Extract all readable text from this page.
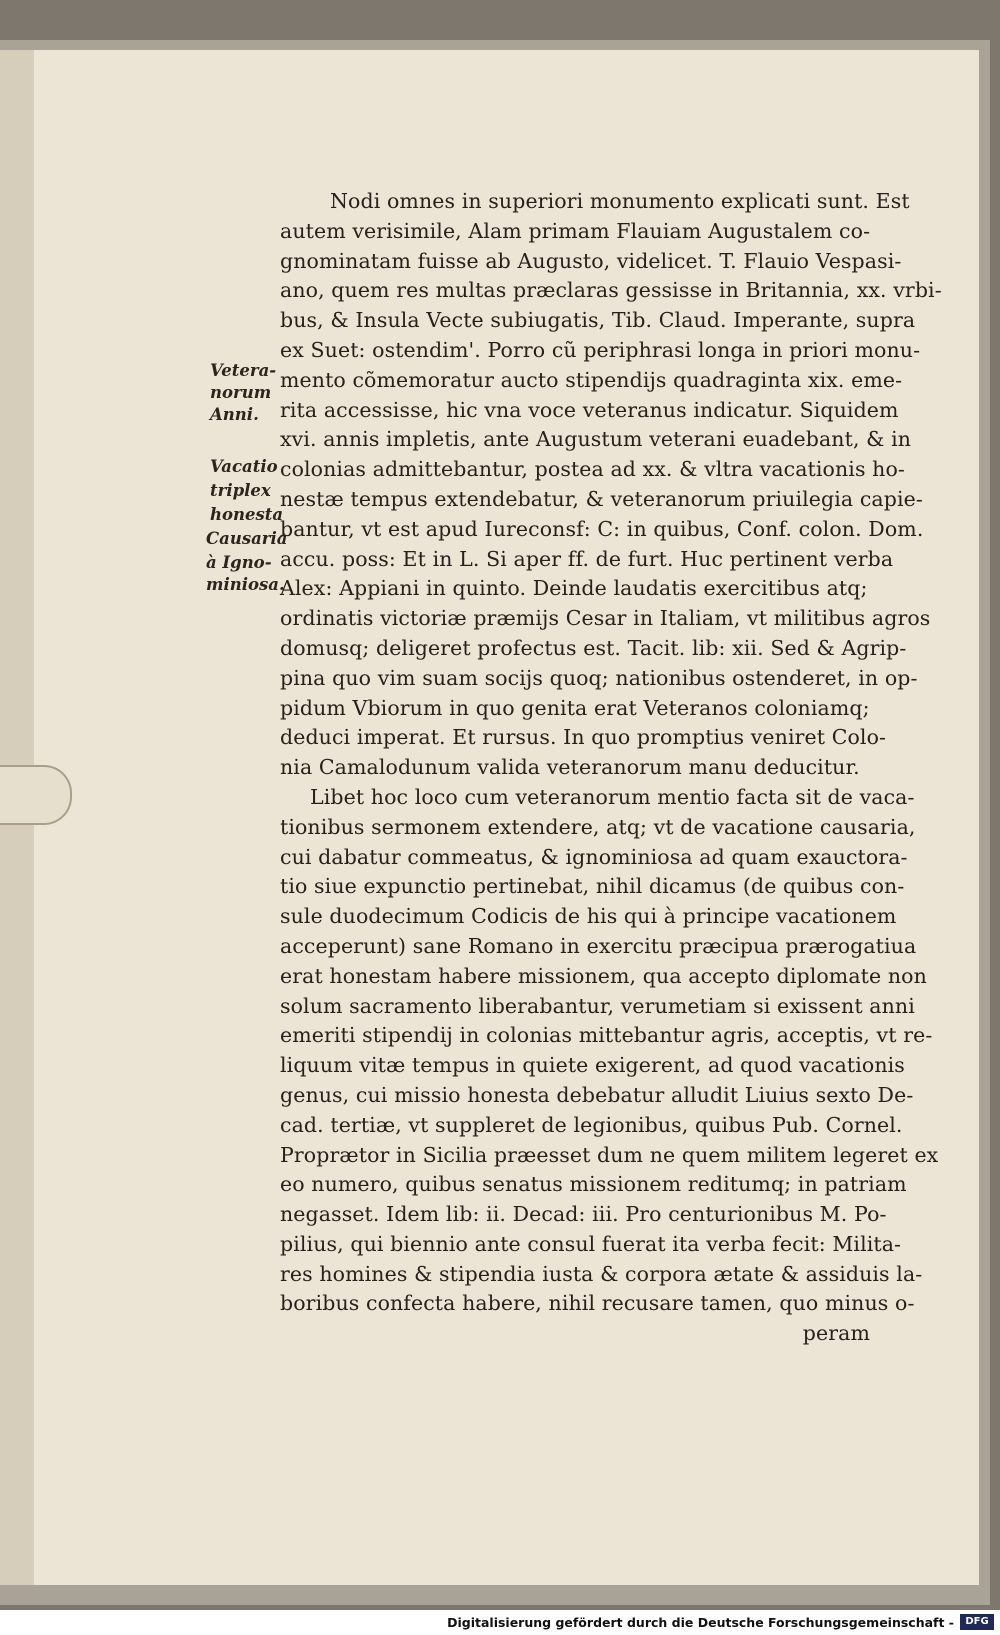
Nodi omnes in superiori monumento explicati sunt. Est
autem verisimile, Alam primam Flauiam Augustalem co-
gnominatam fuisse ab Augusto, videlicet. T. Flauio Vespasi-
ano, quem res multas præclaras gessisse in Britannia, xx. vrbi-
bus, & Insula Vecte subiugatis, Tib. Claud. Imperante, supra
ex Suet: ostendim'. Porro cũ periphrasi longa in priori monu-
mento cõmemoratur aucto stipendijs quadraginta xix. eme-
rita accessisse, hic vna voce veteranus indicatur. Siquidem
xvi. annis impletis, ante Augustum veterani euadebant, & in
colonias admittebantur, postea ad xx. & vltra vacationis ho-
nestæ tempus extendebatur, & veteranorum priuilegia capie-
bantur, vt est apud Iureconsf: C: in quibus, Conf. colon. Dom.
accu. poss: Et in L. Si aper ff. de furt. Huc pertinent verba
Alex: Appiani in quinto. Deinde laudatis exercitibus atq;
ordinatis victoriæ præmijs Cesar in Italiam, vt militibus agros
domusq; deligeret profectus est. Tacit. lib: xii. Sed & Agrip-
pina quo vim suam socijs quoq; nationibus ostenderet, in op-
pidum Vbiorum in quo genita erat Veteranos coloniamq;
deduci imperat. Et rursus. In quo promptius veniret Colo-
nia Camalodunum valida veteranorum manu deducitur.
Libet hoc loco cum veteranorum mentio facta sit de vaca-
tionibus sermonem extendere, atq; vt de vacatione causaria,
cui dabatur commeatus, & ignominiosa ad quam exauctora-
tio siue expunctio pertinebat, nihil dicamus (de quibus con-
sule duodecimum Codicis de his qui à principe vacationem
acceperunt) sane Romano in exercitu præcipua prærogatiua
erat honestam habere missionem, qua accepto diplomate non
solum sacramento liberabantur, verumetiam si exissent anni
emeriti stipendij in colonias mittebantur agris, acceptis, vt re-
liquum vitæ tempus in quiete exigerent, ad quod vacationis
genus, cui missio honesta debebatur alludit Liuius sexto De-
cad. tertiæ, vt suppleret de legionibus, quibus Pub. Cornel.
Proprætor in Sicilia præesset dum ne quem militem legeret ex
eo numero, quibus senatus missionem reditumq; in patriam
negasset. Idem lib: ii. Decad: iii. Pro centurionibus M. Po-
pilius, qui biennio ante consul fuerat ita verba fecit: Milita-
res homines & stipendia iusta & corpora ætate & assiduis la-
boribus confecta habere, nihil recusare tamen, quo minus o-
peram
Vetera-
norum
Anni.
Vacatio
triplex
honesta
Causaria
à Igno-
miniosa.
Digitalisierung gefördert durch die Deutsche Forschungsgemeinschaft -	DFG
